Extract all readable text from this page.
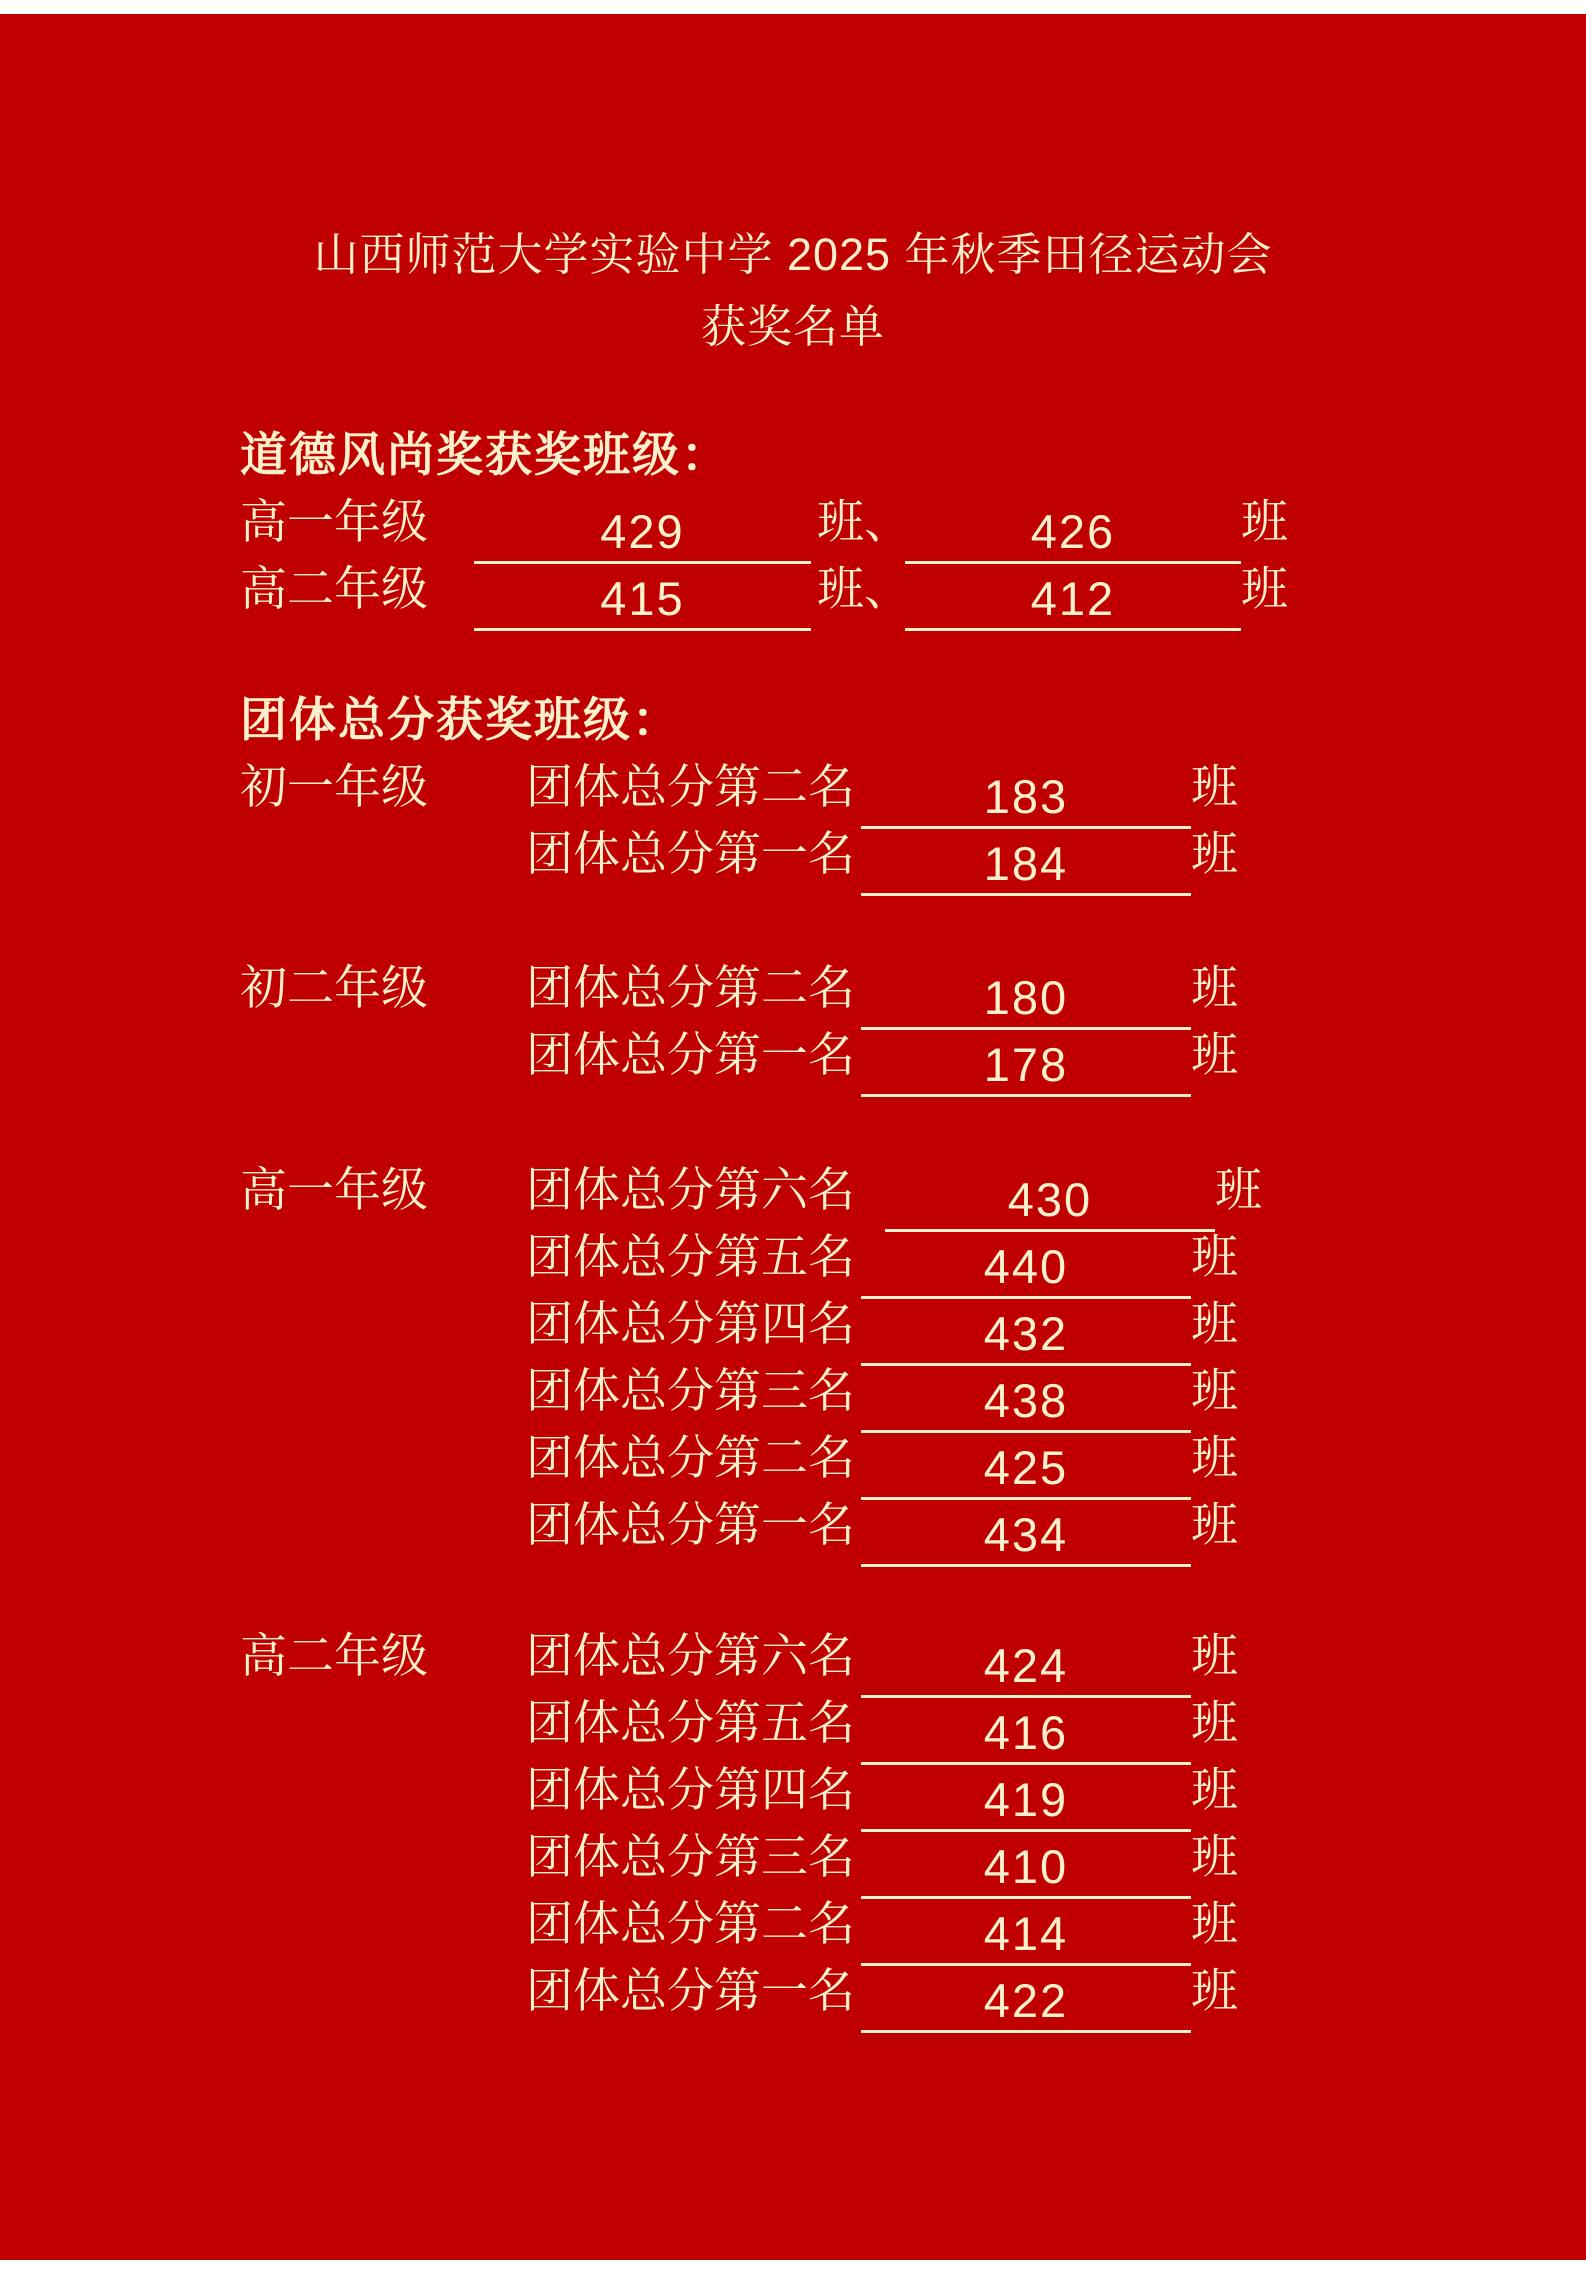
山西师范大学实验中学 2025 年秋季田径运动会
获奖名单
道德风尚奖获奖班级：
高一年级	429	班、	426	班
高二年级	415	班、	412	班
团体总分获奖班级：
初一年级 团体总分第二名	183	班
团体总分第一名	184	班
初二年级 团体总分第二名	180	班
团体总分第一名	178	班
高一年级 团体总分第六名	430	班
团体总分第五名	440	班
团体总分第四名	432	班
团体总分第三名	438	班
团体总分第二名	425	班
团体总分第一名	434	班
高二年级 团体总分第六名	424	班
团体总分第五名	416	班
团体总分第四名	419	班
团体总分第三名	410	班
团体总分第二名	414	班
团体总分第一名	422	班
